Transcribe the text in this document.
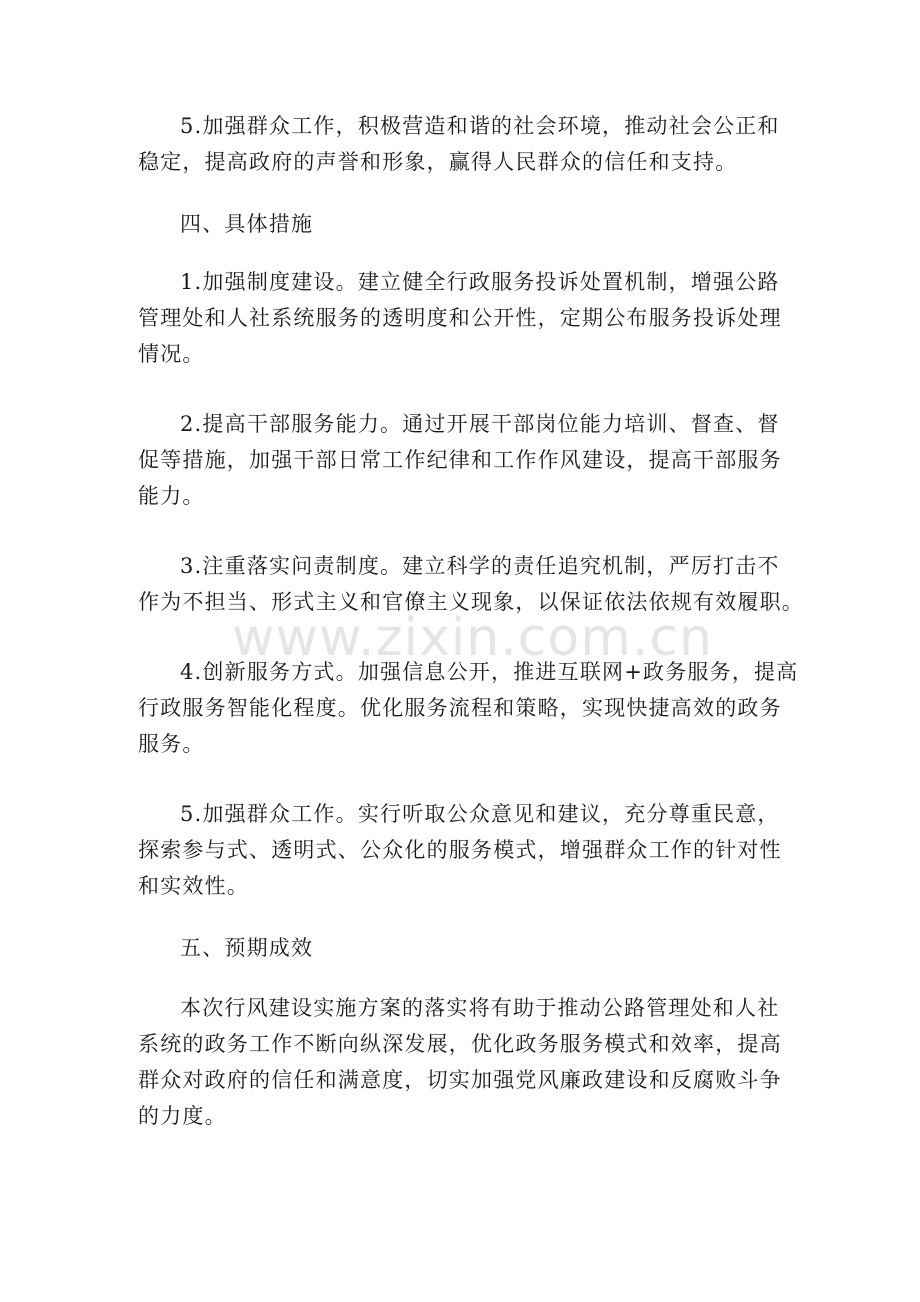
5.加强群众工作，积极营造和谐的社会环境，推动社会公正和
稳定，提高政府的声誉和形象，赢得人民群众的信任和支持。
四、具体措施
1.加强制度建设。建立健全行政服务投诉处置机制，增强公路
管理处和人社系统服务的透明度和公开性，定期公布服务投诉处理
情况。
2.提高干部服务能力。通过开展干部岗位能力培训、督查、督
促等措施，加强干部日常工作纪律和工作作风建设，提高干部服务
能力。
3.注重落实问责制度。建立科学的责任追究机制，严厉打击不
作为不担当、形式主义和官僚主义现象，以保证依法依规有效履职。
4.创新服务方式。加强信息公开，推进互联网+政务服务，提高
行政服务智能化程度。优化服务流程和策略，实现快捷高效的政务
服务。
5.加强群众工作。实行听取公众意见和建议，充分尊重民意，
探索参与式、透明式、公众化的服务模式，增强群众工作的针对性
和实效性。
五、预期成效
本次行风建设实施方案的落实将有助于推动公路管理处和人社
系统的政务工作不断向纵深发展，优化政务服务模式和效率，提高
群众对政府的信任和满意度，切实加强党风廉政建设和反腐败斗争
的力度。
www.zixin.com.cn
